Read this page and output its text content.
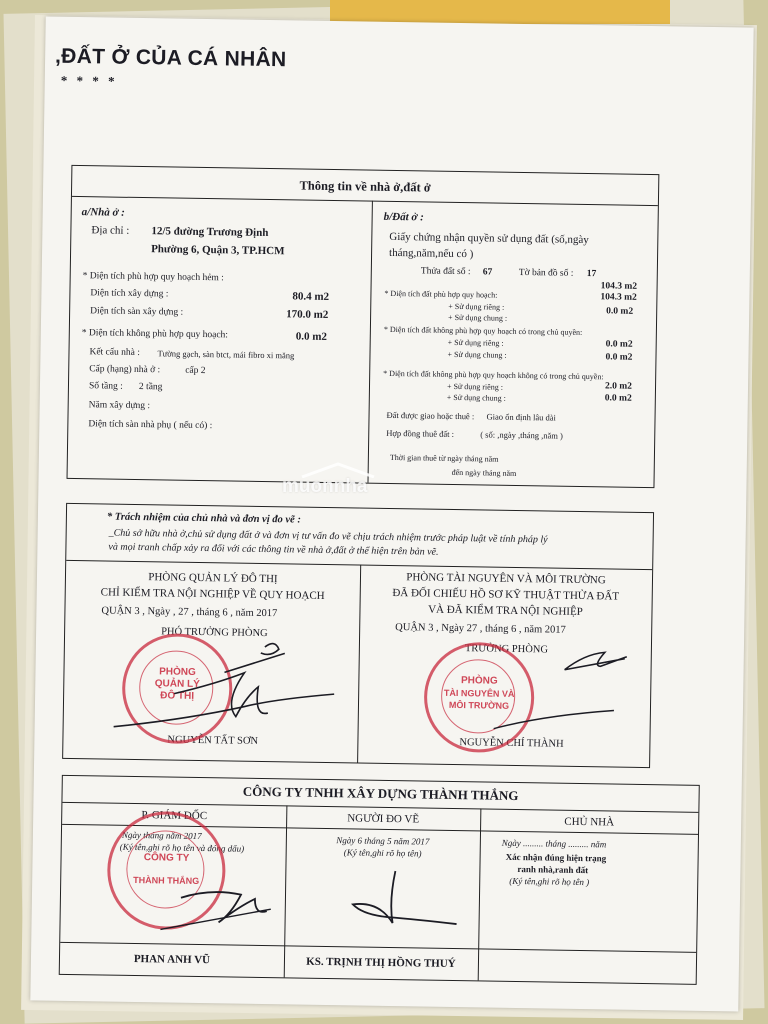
,ĐẤT Ở CỦA CÁ NHÂN
* * * *
Thông tin về nhà ở,đất ở
a/Nhà ở :
Địa chỉ : 12/5 đường Trương Định
Phường 6, Quận 3, TP.HCM
* Diện tích phù hợp quy hoạch hẻm :
Diện tích xây dựng :	80.4 m2
Diện tích sàn xây dựng :	170.0 m2
* Diện tích không phù hợp quy hoạch:	0.0 m2
Kết cấu nhà : Tường gạch, sàn btct, mái fibro xi măng
Cấp (hạng) nhà ở :	cấp 2
Số tầng : 2 tầng
Năm xây dựng :
Diện tích sàn nhà phụ ( nếu có) :
b/Đất ở :
Giấy chứng nhận quyền sử dụng đất (số,ngày
tháng,năm,nếu có )
Thửa đất số : 67	Tờ bản đồ số : 17
104.3 m2
* Diện tích đất phù hợp quy hoạch:	104.3 m2
+ Sử dụng riêng :	0.0 m2
+ Sử dụng chung :
* Diện tích đất không phù hợp quy hoạch có trong chủ quyền:
+ Sử dụng riêng :	0.0 m2
+ Sử dụng chung :	0.0 m2
* Diện tích đất không phù hợp quy hoạch không có trong chủ quyền:
+ Sử dụng riêng :	2.0 m2
+ Sử dụng chung :	0.0 m2
Đất được giao hoặc thuê : Giao ổn định lâu dài
Hợp đồng thuê đất :	( số: ,ngày ,tháng ,năm )
Thời gian thuê từ ngày tháng năm
đến ngày tháng năm
* Trách nhiệm của chủ nhà và đơn vị đo vẽ :
_Chủ sở hữu nhà ở,chủ sử dụng đất ở và đơn vị tư vấn đo vẽ chịu trách nhiệm trước pháp luật về tính pháp lý
và mọi tranh chấp xảy ra đối với các thông tin về nhà ở,đất ở thể hiện trên bản vẽ.
PHÒNG QUẢN LÝ ĐÔ THỊ
CHỈ KIỂM TRA NỘI NGHIỆP VỀ QUY HOẠCH
QUẬN 3 , Ngày , 27 , tháng 6 , năm 2017
PHÓ TRƯỞNG PHÒNG
NGUYỄN TẤT SƠN
PHÒNG
QUẢN LÝ
ĐÔ THỊ
PHÒNG TÀI NGUYÊN VÀ MÔI TRƯỜNG
ĐÃ ĐỐI CHIẾU HỒ SƠ KỸ THUẬT THỬA ĐẤT
VÀ ĐÃ KIỂM TRA NỘI NGHIỆP
QUẬN 3 , Ngày 27 , tháng 6 , năm 2017
TRƯỞNG PHÒNG
NGUYỄN CHÍ THÀNH
PHÒNG
TÀI NGUYÊN VÀ
MÔI TRƯỜNG
CÔNG TY TNHH XÂY DỰNG THÀNH THẮNG
P. GIÁM ĐỐC
Ngày tháng năm 2017
(Ký tên,ghi rõ họ tên và đóng dấu)
PHAN ANH VŨ
CÔNG TY
THÀNH THẮNG
NGƯỜI ĐO VẼ
Ngày 6 tháng 5 năm 2017
(Ký tên,ghi rõ họ tên)
KS. TRỊNH THỊ HỒNG THUÝ
CHỦ NHÀ
Ngày ......... tháng ......... năm
Xác nhận đúng hiện trạng
ranh nhà,ranh đất
(Ký tên,ghi rõ họ tên )
muonnha
